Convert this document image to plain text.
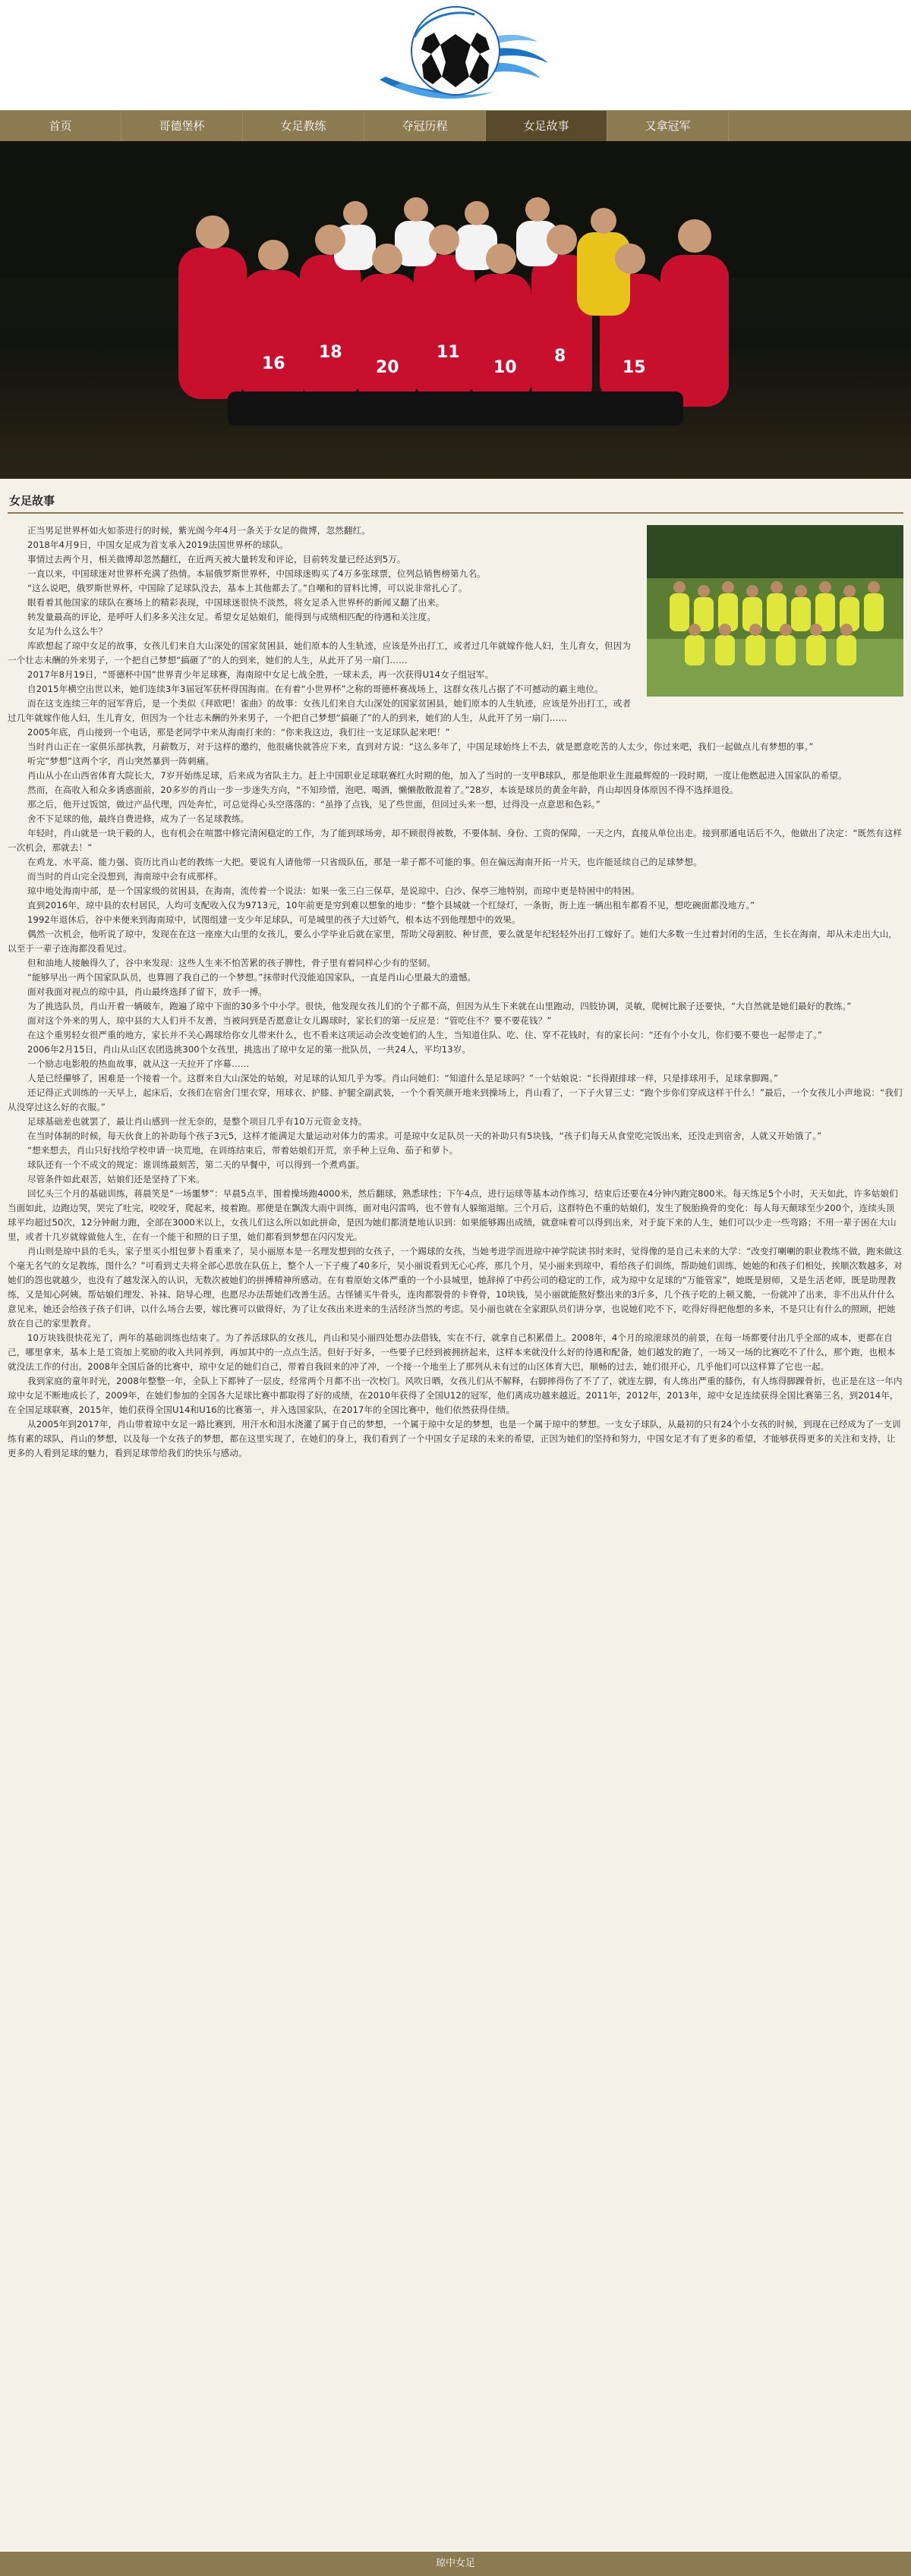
首页	哥德堡杯	女足教练	夺冠历程	女足故事	又拿冠军
16
18
20
11
10
8
15
女足故事

正当男足世界杯如火如荼进行的时候，紫光阁今年4月一条关于女足的微博，忽然翻红。

2018年4月9日，中国女足成为首支承入2019法国世界杯的球队。

事情过去两个月，相关微博却忽然翻红，在近两天被大量转发和评论，目前转发量已经达到5万。

一直以来，中国球迷对世界杯充满了热情。本届俄罗斯世界杯，中国球迷购买了4万多张球票，位列总销售榜第九名。

“这么说吧，俄罗斯世界杯，中国除了足球队没去，基本上其他都去了。”自嘲和的冒料比博，可以说非常扎心了。

眼看着其他国家的球队在赛场上的精彩表现，中国球迷很快不淡然，将女足杀入世界杯的新闻又翻了出来。

转发量最高的评论，是呼吁人们多多关注女足。希望女足姑娘们，能得到与成绩相匹配的待遇和关注度。

女足为什么这么牛？

库欧想起了琼中女足的故事，女孩儿们来自大山深处的国家贫困县，她们原本的人生轨迹，应该是外出打工，或者过几年就嫁作他人妇，生儿育女，但因为一个壮志未酬的外来男子，一个把自己梦想“搞砸了”的人的到来，她们的人生，从此开了另一扇门……

2017年8月19日，“哥德杯中国”世界青少年足球赛，海南琼中女足七战全胜，一球未丢，再一次获得U14女子组冠军。

自2015年横空出世以来，她们连续3年3届冠军获杯得国海南。在有着“小世界杯”之称的哥德杯赛战场上，这群女孩儿占据了不可撼动的霸主地位。

而在这支连续三年的冠军背后，是一个类似《拜欧吧！雀曲》的故事：女孩儿们来自大山深处的国家贫困县，她们原本的人生轨迹，应该是外出打工，或者过几年就嫁作他人妇，生儿育女，但因为一个壮志未酬的外来男子，一个把自己梦想“搞砸了”的人的到来，她们的人生，从此开了另一扇门……

2005年底，肖山接到一个电话，那是老同学中来从海南打来的：“你来我这边，我们往一支足球队起来吧！”

当时肖山正在一家俱乐部执教，月薪数万，对于这样的邀约，他很痛快就答应下来，直到对方说：“这么多年了，中国足球始终上不去，就是愿意吃苦的人太少，你过来吧，我们一起做点儿有梦想的事。”

听完“梦想”这两个字，肖山突然暴到一阵刺痛。

肖山从小在山西省体育大院长大，7岁开始练足球，后来成为省队主力。赶上中国职业足球联赛红火时期的他，加入了当时的一支甲B球队，那是他职业生涯最辉煌的一段时期，一度让他燃起进入国家队的希望。

然而，在高收入和众多诱惑面前，20多岁的肖山一步一步迷失方向，“不知珍惜，泡吧、喝酒，懒懒散散混着了。”28岁，本该是球员的黄金年龄，肖山却因身体原因不得不选择退役。

那之后，他开过饭馆，做过产品代理，四处奔忙，可总觉得心头空落落的：“虽挣了点钱，见了些世面，但回过头来一想，过得没一点意思和色彩。”

舍不下足球的他，最终自费进修，成为了一名足球教练。

年轻时，肖山就是一块干毅的人，也有机会在喧嚣中修完清闲稳定的工作，为了能到球场旁，却不顾很得被数，不要体制、身份、工资的保障，一天之内，直接从单位出走。接到那通电话后不久，他做出了决定：“既然有这样一次机会，那就去！”

在鸡龙、水平高、能力强、资历比肖山老的教练一大把。要说有人请他带一只省级队伍，那是一辈子都不可能的事。但在偏远海南开拓一片天，也许能延续自己的足球梦想。

而当时的肖山完全没想到，海南琼中会有成那样。

琼中地处海南中部，是一个国家级的贫困县，在海南，流传着一个说法：如果一张三白三保草，是说琼中、白沙、保亭三地特别，而琼中更是特困中的特困。

直到2016年，琼中县的农村居民，人均可支配收入仅为9713元，10年前更是穷到难以想象的地步：“整个县城就一个红绿灯，一条街，街上连一辆出租车都看不见，想吃碗面都没地方。”

1992年退休后，谷中来便来到海南琼中，试图组建一支少年足球队，可是城里的孩子大过娇气，根本达不到他理想中的效果。

偶然一次机会，他听说了琼中，发现在在这一座座大山里的女孩儿，要么小学毕业后就在家里，帮助父母割胶、种甘蔗，要么就是年纪轻轻外出打工嫁好了。她们大多数一生过着封闭的生活，生长在海南，却从未走出大山，以至于一辈子连海都没看见过。

但和油地人接触得久了，谷中来发现：这些人生来不怕苦累的孩子脾性，骨子里有着同样心少有的坚韧。

“能够早出一两个国家队队员，也算圆了我自己的一个梦想。”抹带时代没能追国家队，一直是肖山心里最大的遗憾。

面对我面对视点的琼中县，肖山最终选择了留下，放手一搏。

为了挑选队员，肖山开着一辆破车，跑遍了琼中下面的30多个中小学。很快，他发现女孩儿们的个子都不高，但因为从生下来就在山里跑动，四肢协调，灵敏，爬树比猴子还要快，“大自然就是她们最好的教练。”

面对这个外来的男人，琼中县的大人们并不友善，当被问到是否愿意让女儿踢球时，家长们的第一反应是：“管吃住不？要不要花钱？”

在这个重男轻女很严重的地方，家长并不关心踢球给你女儿带来什么，也不看来这项运动会改变她们的人生，当知道住队、吃、住、穿不花钱时，有的家长问：“还有个小女儿，你们要不要也一起带走了。”

2006年2月15日，肖山从山区农团选挑300个女孩里，挑选出了琼中女足的第一批队员，一共24人，平均13岁。

一个励志电影般的热血故事，就从这一天拉开了序幕……

人是已经攥够了，困难是一个接着一个。这群来自大山深处的姑娘，对足球的认知几乎为零。肖山问她们：“知道什么是足球吗？”一个姑娘说：“长得跟排球一样，只是排球用手，足球拿脚踢。”

还记得正式训练的一天早上，起床后，女孩们在宿舍门里衣穿，用球衣、护膝、护腿全副武装，一个个看笑颜开地来到操场上，肖山看了，一下子火冒三丈：“跑个步你们穿成这样干什么！”最后，一个女孩儿小声地说：“我们从没穿过这么好的衣服。”

足球基础差也就罢了，最让肖山感到一丝无奈的，是整个项目几乎有10万元资金支持。

在当时体制的时候，每天伙食上的补助每个孩子3元5，这样才能满足大量运动对体力的需求。可是琼中女足队员一天的补助只有5块钱，“孩子们每天从食堂吃完饭出来，还没走到宿舍，人就又开始饿了。”

“想来想去，肖山只好找给学校申请一块荒地，在训练结束后，带着姑娘们开荒，亲手种上豆角、茄子和萝卜。

球队还有一个不成文的规定：谁训练最刻苦，第二天的早餐中，可以得到一个煮鸡蛋。

尽管条件如此艰苦，姑娘们还是坚持了下来。

回忆头三个月的基础训练，蒋晨笑是“一场噩梦”：早晨5点半，围着操场跑4000米，然后翻球，熟悉球性；下午4点，进行运球等基本动作练习，结束后还要在4分钟内跑完800米。每天练足5个小时，天天如此，许多姑娘们当面如此，边跑边哭，哭完了吐完，咬咬牙，爬起来，接着跑。那便是在飘泼大雨中训练，面对电闪雷鸣，也不曾有人躲缩退缩。三个月后，这群特色不重的姑娘们，发生了脱胎换骨的变化：每人每天颠球至少200个，连续头顶球平均超过50次，12分钟耐力跑，全部在3000米以上，女孩儿们这么所以如此拼命，是因为她们都清楚地认识到：如果能够踢出成绩，就意味着可以得到出来，对于旋下来的人生，她们可以少走一些弯路；不用一辈子困在大山里，或者十几岁就嫁做他人生，在有一个能干和照的日子里，她们都看到梦想在闪闪发光。

肖山则是琼中县的毛头，家子里买小组包萝卜看重来了，吴小丽原本是一名理发想到的女孩子，一个踢球的女孩，当她考进学而进琼中神学院读书时来时，觉得像的是自己未来的大学：“改变打喇喇的职业教练不做，跑来做这个毫无名气的女足教练，图什么？”可看到丈夫将全部心思放在队伍上，整个人一下子瘦了40多斤，吴小丽说看到无心心疼，那几个月，吴小丽来到琼中，看给孩子们训练，帮助她们训练，她她的和孩子们相处，挨顺次数越多，对她们的怨也就越少，也没有了越发深入的认识，无数次被她们的拼搏精神所感动。在有着原始文体严重的一个小县城里，她辞掉了中药公司的稳定的工作，成为琼中女足球的“万能管家”，她既是厨师，又是生活老师，既是助理教练，又是知心阿姨。帮姑娘们理发、补袜、陪导心理，也愿尽办法帮她们改善生活。古怪铺买牛骨头，连肉都裂骨的卡脊骨，10块钱，吴小丽就能熬好整出来的3斤多，几个孩子吃的上顿又脆，一份就冲了出来，非不出从什什么意见来，她还会给孩子孩子们讲，以什么场合去要，嫁比赛可以做得好，为了让女孩出来进来的生活经济当然的考虑。吴小丽也就在全家跟队员们讲分享，也说她们吃不下，吃得好得把他想的多来，不是只让有什么的照顾，把她放在自己的家里教育。

10万块钱很快花光了，两年的基础训练也结束了。为了养活球队的女孩儿，肖山和吴小丽四处想办法借钱，实在不行，就拿自己积累借上。2008年，4个月的琼滚球员的前景，在每一场都要付出几乎全部的成本，更都在自己，哪里拿来，基本上是工资加上奖励的收入共同养到，再加其中的一点点生活。但好于好多，一些要子已经到被拥挤起来，这样本来就没什么好的待遇和配备，她们越发的跑了，一场又一场的比赛吃不了什么，那个跑，也根本就没法工作的付出。2008年全国后备的比赛中，琼中女足的她们自己，带着自我回来的冲了冲，一个接一个地坐上了那列从未有过的山区体育大巴，顺畅的过去，她们很开心，几乎他们可以这样算了它也一起。

我到家庭的童年时光，2008年整整一年，全队上下都钟了一层皮，经常两个月都不出一次校门。风吹日晒，女孩儿们从不解释，右脚摔得伤了不了了，就连左脚，有人练出严重的膝伤，有人练得脚踝骨折，也正是在这一年内琼中女足不断地成长了，2009年，在她们参加的全国各大足球比赛中都取得了好的成绩，在2010年获得了全国U12的冠军，他们离成功越来越近。2011年，2012年，2013年，琼中女足连续获得全国比赛第三名，到2014年，在全国足球联赛，2015年，她们获得全国U14和U16的比赛第一，并入选国家队，在2017年的全国比赛中，他们依然获得佳绩。

从2005年到2017年，肖山带着琼中女足一路比赛到，用汗水和泪水浇灌了属于自己的梦想，一个属于琼中女足的梦想，也是一个属于琼中的梦想。一支女子球队，从最初的只有24个小女孩的时候，到现在已经成为了一支训练有素的球队，肖山的梦想，以及每一个女孩子的梦想，都在这里实现了，在她们的身上，我们看到了一个中国女子足球的未来的希望，正因为她们的坚持和努力，中国女足才有了更多的希望，才能够获得更多的关注和支持，让更多的人看到足球的魅力，看到足球带给我们的快乐与感动。

琼中女足
